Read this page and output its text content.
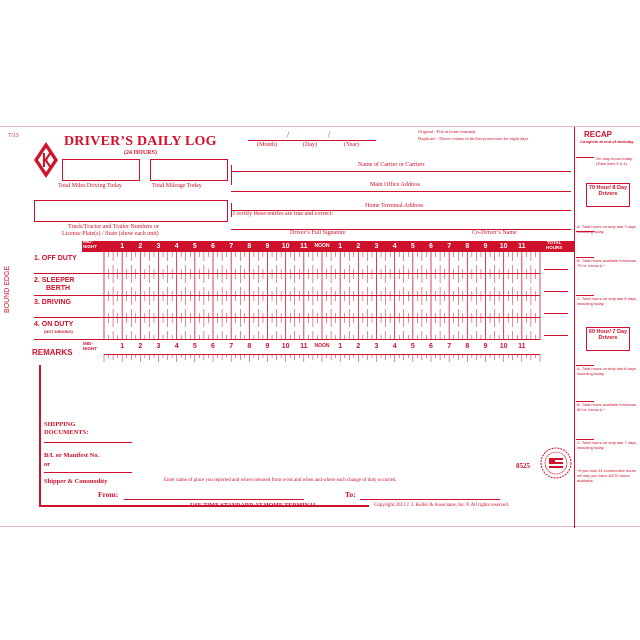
7/13	DRIVER’S DAILY LOG
(24 HOURS)
/	/
(Month)	(Day)	(Year)
Original - File at home terminal
Duplicate - Driver retains in his/her possession for eight days
Total Miles Driving Today	Total Mileage Today
Name of Carrier or Carriers
Main Office Address
Truck/Tractor and Trailer Numbers or
License Plate(s) / State (show each unit)
Home Terminal Address
I certify these entries are true and correct:
Driver’s Full Signature	Co-Driver’s Name
BOUND EDGE
REMARKS
SHIPPING
DOCUMENTS:
B/L or Manifest No.
or
Shipper & Commodity	Enter name of place you reported and where released from work and when and where each change of duty occurred.
From:	To:
USE TIME STANDARD AT HOME TERMINAL	Copyright 2013 J. J. Keller & Associates, Inc.® All rights reserved.
8525
RECAP
Complete at end of workday.
On duty hours today. (Total lines 3 & 4)
70 Hour/ 8 Day Drivers
A. Total hours on duty last 7 days including today.
B. Total hours available tomorrow. 70 hr. minus A.*
C. Total hours on duty last 8 days including today.
60 Hour/ 7 Day Drivers
A. Total hours on duty last 6 days including today.
B. Total hours available tomorrow. 60 hr. minus A.*
C. Total hours on duty last 7 days including today.
*If you took 34 consecutive hours off duty you have 60/70 hours available.
MID-
NIGHT	1	2	3	4	5	6	7	8	9	10	11	NOON	1	2	3	4	5	6	7	8	9	10	11
TOTAL
HOURS
1. OFF DUTY
2. SLEEPER
BERTH
3. DRIVING
4. ON DUTY
(NOT DRIVING)
MID-
NIGHT	1	2	3	4	5	6	7	8	9	10	11	NOON	1	2	3	4	5	6	7	8	9	10	11
